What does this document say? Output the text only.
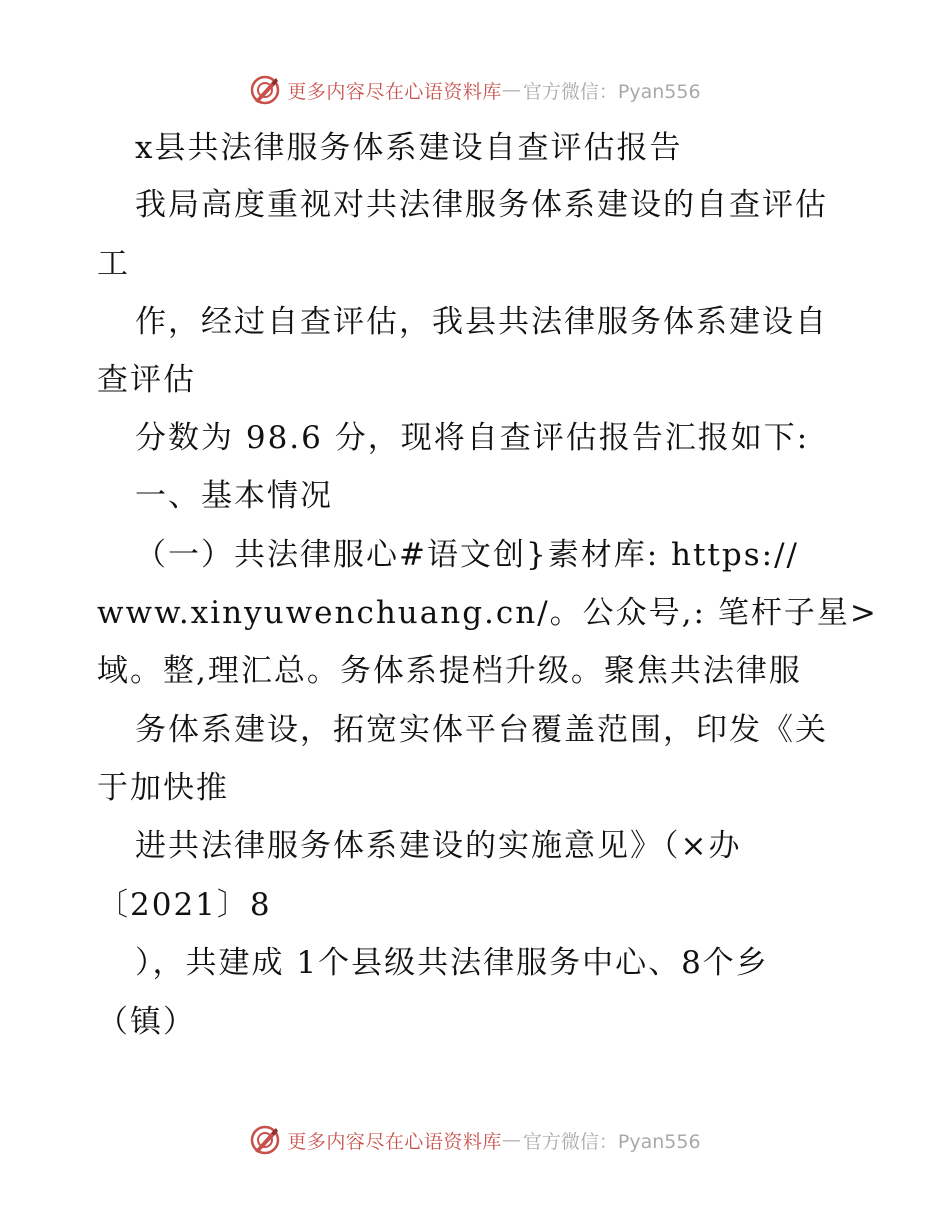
更多内容尽在心语资料库 — 官方微信：Pyan556
x县共法律服务体系建设自查评估报告
我局高度重视对共法律服务体系建设的自查评估
工
作，经过自查评估，我县共法律服务体系建设自
查评估
分数为 98.6 分，现将自查评估报告汇报如下:
一、基本情况
（一）共法律服心#语文创}素材库: https://
www.xinyuwenchuang.cn/。公众号,: 笔杆子星>
域。整,理汇总。务体系提档升级。聚焦共法律服
务体系建设，拓宽实体平台覆盖范围，印发《关
于加快推
进共法律服务体系建设的实施意见》（×办
〔2021〕8
），共建成 1个县级共法律服务中心、8个乡
（镇）
更多内容尽在心语资料库 — 官方微信：Pyan556
